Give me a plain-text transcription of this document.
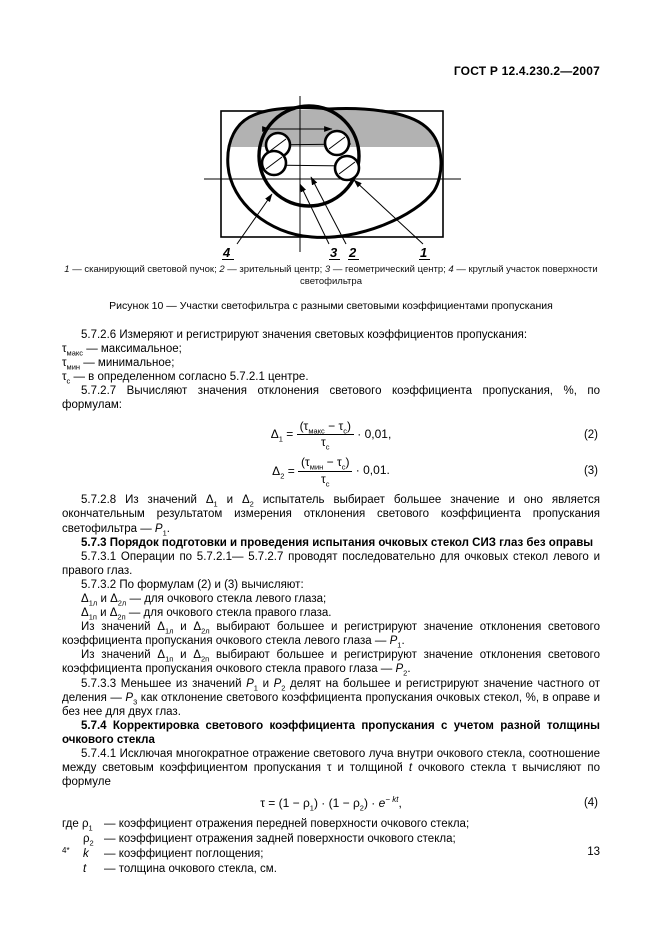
ГОСТ Р 12.4.230.2—2007
4	3 2	1
1 — сканирующий световой пучок; 2 — зрительный центр; 3 — геометрический центр; 4 — круглый участок поверхности светофильтра
Рисунок 10 — Участки светофильтра с разными световыми коэффициентами пропускания

5.7.2.6 Измеряют и регистрируют значения световых коэффициентов пропускания:

$\tau_{макс}$ — максимальное;

$\tau_{мин}$ — минимальное;

$\tau_с$ — в определенном согласно 5.7.2.1 центре.

5.7.2.7 Вычисляют значения отклонения светового коэффициента пропускания, %, по формулам:

$\Delta_1 = \frac{(\tau_{макс} - \tau_с)}{\tau_с} \cdot 0,01$,	(2)
$\Delta_2 = \frac{(\tau_{мин} - \tau_с)}{\tau_с} \cdot 0,01$.	(3)

5.7.2.8 Из значений $\Delta_1$ и $\Delta_2$ испытатель выбирает большее значение и оно является окончательным результатом измерения отклонения светового коэффициента пропускания светофильтра — $P_1$.

5.7.3 Порядок подготовки и проведения испытания очковых стекол СИЗ глаз без оправы

5.7.3.1 Операции по 5.7.2.1— 5.7.2.7 проводят последовательно для очковых стекол левого и правого глаз.

5.7.3.2 По формулам (2) и (3) вычисляют:

$\Delta_{1л}$ и $\Delta_{2л}$ — для очкового стекла левого глаза;

$\Delta_{1п}$ и $\Delta_{2п}$ — для очкового стекла правого глаза.

Из значений $\Delta_{1л}$ и $\Delta_{2л}$ выбирают большее и регистрируют значение отклонения светового коэффициента пропускания очкового стекла левого глаза — $P_1$.

Из значений $\Delta_{1п}$ и $\Delta_{2п}$ выбирают большее и регистрируют значение отклонения светового коэффициента пропускания очкового стекла правого глаза — $P_2$.

5.7.3.3 Меньшее из значений $P_1$ и $P_2$ делят на большее и регистрируют значение частного от деления — $P_3$ как отклонение светового коэффициента пропускания очковых стекол, %, в оправе и без нее для двух глаз.

5.7.4 Корректировка светового коэффициента пропускания с учетом разной толщины очкового стекла

5.7.4.1 Исключая многократное отражение светового луча внутри очкового стекла, соотношение между световым коэффициентом пропускания τ и толщиной t очкового стекла τ вычисляют по формуле

$\tau = (1 - \rho_1) \cdot (1 - \rho_2) \cdot e^{- kt}$,	(4)
где $\rho_1$ — коэффициент отражения передней поверхности очкового стекла;
$\rho_2$ — коэффициент отражения задней поверхности очкового стекла;
k	— коэффициент поглощения;
t	— толщина очкового стекла, см.
4*	13
